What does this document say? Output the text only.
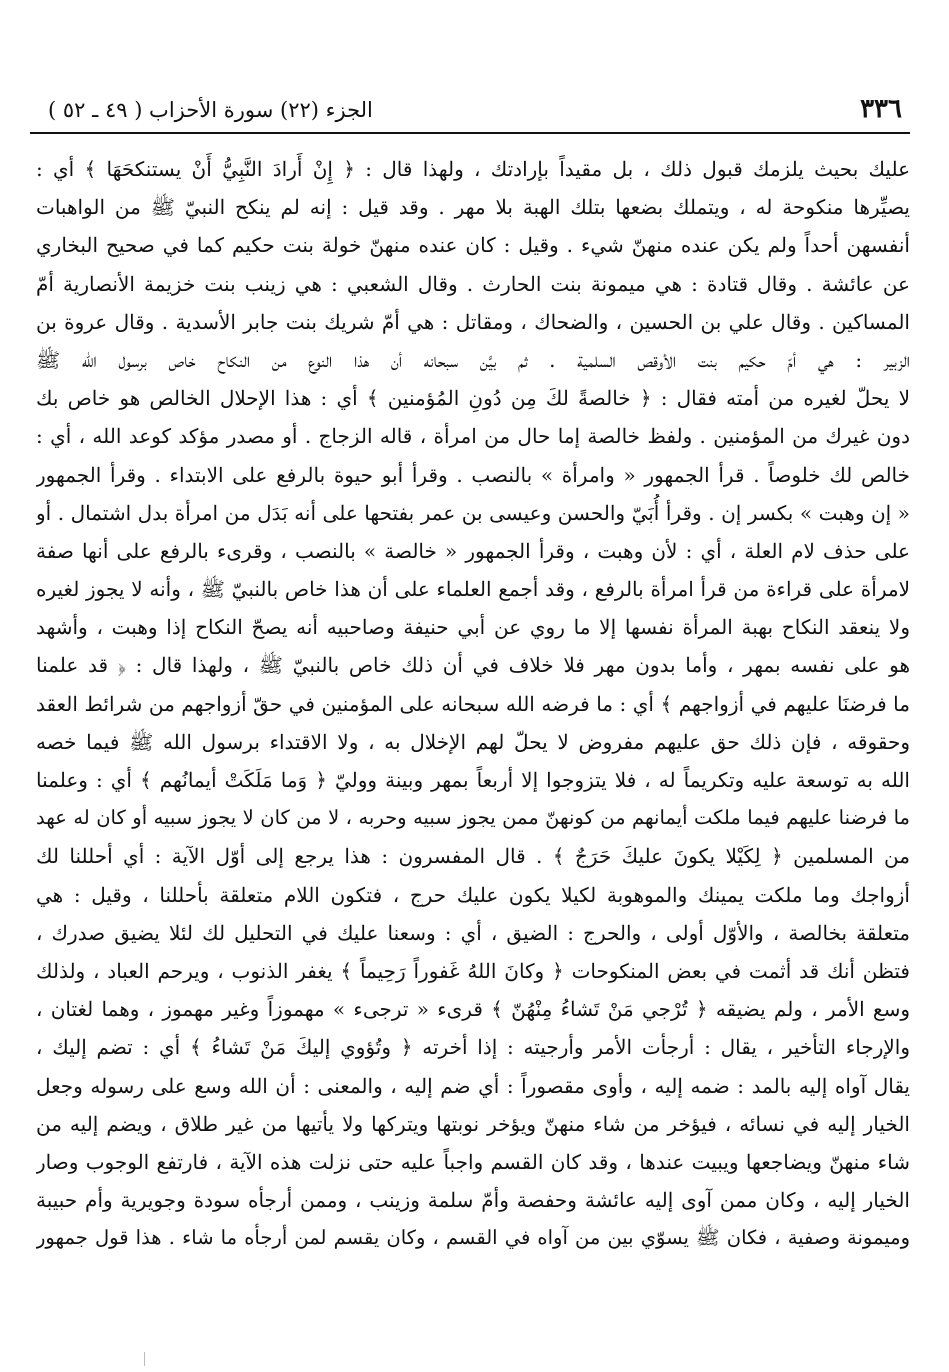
٣٣٦
الجزء (٢٢) سورة الأحزاب ( ٤٩ ـ ٥٢ )
عليك بحيث يلزمك قبول ذلك ، بل مقيداً بإرادتك ، ولهذا قال : ﴿ إِنْ أَرادَ النَّبِيُّ أَنْ يستنكحَهَا ﴾ أي :
يصيِّرها منكوحة له ، ويتملك بضعها بتلك الهبة بلا مهر . وقد قيل : إنه لم ينكح النبيّ ﷺ من الواهبات
أنفسهن أحداً ولم يكن عنده منهنّ شيء . وقيل : كان عنده منهنّ خولة بنت حكيم كما في صحيح البخاري
عن عائشة . وقال قتادة : هي ميمونة بنت الحارث . وقال الشعبي : هي زينب بنت خزيمة الأنصارية أمّ
المساكين . وقال علي بن الحسين ، والضحاك ، ومقاتل : هي أمّ شريك بنت جابر الأسدية . وقال عروة بن
الزبير : هي أمّ حكيم بنت الأوقص السلمية . ثم بيَّن سبحانه أن هذا النوع من النكاح خاص برسول الله ﷺ
لا يحلّ لغيره من أمته فقال : ﴿ خالصةً لكَ مِن دُونِ المُؤمنين ﴾ أي : هذا الإحلال الخالص هو خاص بك
دون غيرك من المؤمنين . ولفظ خالصة إما حال من امرأة ، قاله الزجاج . أو مصدر مؤكد كوعد الله ، أي :
خالص لك خلوصاً . قرأ الجمهور « وامرأة » بالنصب . وقرأ أبو حيوة بالرفع على الابتداء . وقرأ الجمهور
« إن وهبت » بكسر إن . وقرأ أُبَيّ والحسن وعيسى بن عمر بفتحها على أنه بَدَل من امرأة بدل اشتمال . أو
على حذف لام العلة ، أي : لأن وهبت ، وقرأ الجمهور « خالصة » بالنصب ، وقرىء بالرفع على أنها صفة
لامرأة على قراءة من قرأ امرأة بالرفع ، وقد أجمع العلماء على أن هذا خاص بالنبيّ ﷺ ، وأنه لا يجوز لغيره
ولا ينعقد النكاح بهبة المرأة نفسها إلا ما روي عن أبي حنيفة وصاحبيه أنه يصحّ النكاح إذا وهبت ، وأشهد
هو على نفسه بمهر ، وأما بدون مهر فلا خلاف في أن ذلك خاص بالنبيّ ﷺ ، ولهذا قال : ﴿ قد علمنا
ما فرضنَا عليهم في أزواجهم ﴾ أي : ما فرضه الله سبحانه على المؤمنين في حقّ أزواجهم من شرائط العقد
وحقوقه ، فإن ذلك حق عليهم مفروض لا يحلّ لهم الإخلال به ، ولا الاقتداء برسول الله ﷺ فيما خصه
الله به توسعة عليه وتكريماً له ، فلا يتزوجوا إلا أربعاً بمهر وبينة ووليّ ﴿ وَما مَلَكَتْ أيمانُهم ﴾ أي : وعلمنا
ما فرضنا عليهم فيما ملكت أيمانهم من كونهنّ ممن يجوز سبيه وحربه ، لا من كان لا يجوز سبيه أو كان له عهد
من المسلمين ﴿ لِكَيْلا يكونَ عليكَ حَرَجٌ ﴾ . قال المفسرون : هذا يرجع إلى أوّل الآية : أي أحللنا لك
أزواجك وما ملكت يمينك والموهوبة لكيلا يكون عليك حرج ، فتكون اللام متعلقة بأحللنا ، وقيل : هي
متعلقة بخالصة ، والأوّل أولى ، والحرج : الضيق ، أي : وسعنا عليك في التحليل لك لئلا يضيق صدرك ،
فتظن أنك قد أثمت في بعض المنكوحات ﴿ وكانَ اللهُ غَفوراً رَحِيماً ﴾ يغفر الذنوب ، ويرحم العباد ، ولذلك
وسع الأمر ، ولم يضيقه ﴿ تُرْجي مَنْ تَشاءُ مِنْهُنّ ﴾ قرىء « ترجىء » مهموزاً وغير مهموز ، وهما لغتان ،
والإرجاء التأخير ، يقال : أرجأت الأمر وأرجيته : إذا أخرته ﴿ وتُؤوي إليكَ مَنْ تَشاءُ ﴾ أي : تضم إليك ،
يقال آواه إليه بالمد : ضمه إليه ، وأوى مقصوراً : أي ضم إليه ، والمعنى : أن الله وسع على رسوله وجعل
الخيار إليه في نسائه ، فيؤخر من شاء منهنّ ويؤخر نوبتها ويتركها ولا يأتيها من غير طلاق ، ويضم إليه من
شاء منهنّ ويضاجعها ويبيت عندها ، وقد كان القسم واجباً عليه حتى نزلت هذه الآية ، فارتفع الوجوب وصار
الخيار إليه ، وكان ممن آوى إليه عائشة وحفصة وأمّ سلمة وزينب ، وممن أرجأه سودة وجويرية وأم حبيبة
وميمونة وصفية ، فكان ﷺ يسوّي بين من آواه في القسم ، وكان يقسم لمن أرجأه ما شاء . هذا قول جمهور
